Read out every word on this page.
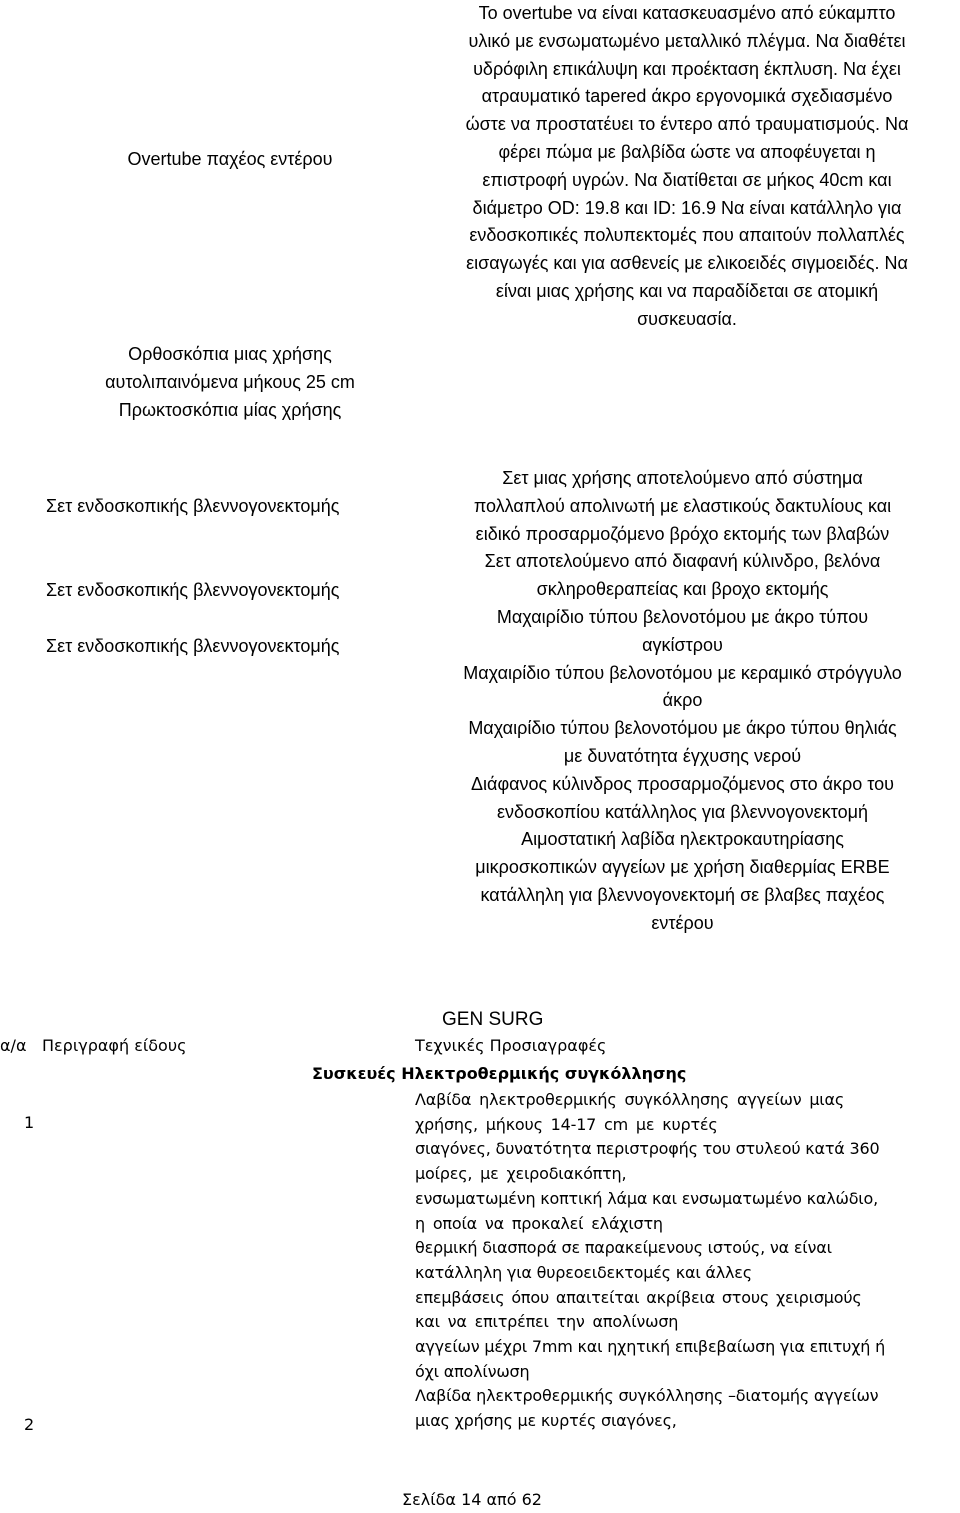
Overtube παχέος εντέρου
Το overtube να είναι κατασκευασμένο από εύκαμπτο
υλικό με ενσωματωμένο μεταλλικό πλέγμα. Να διαθέτει
υδρόφιλη επικάλυψη και προέκταση έκπλυση. Να έχει
ατραυματικό tapered άκρο εργονομικά σχεδιασμένο
ώστε να προστατέυει το έντερο από τραυματισμούς. Να
φέρει πώμα με βαλβίδα ώστε να αποφέυγεται η
επιστροφή υγρών. Να διατίθεται σε μήκος 40cm και
διάμετρο OD: 19.8 και ID: 16.9 Να είναι κατάλληλο για
ενδοσκοπικές πολυπεκτομές που απαιτούν πολλαπλές
εισαγωγές και για ασθενείς με ελικοειδές σιγμοειδές. Να
είναι μιας χρήσης και να παραδίδεται σε ατομική
συσκευασία.
Ορθοσκόπια μιας χρήσης
αυτολιπαινόμενα μήκους 25 cm
Πρωκτοσκόπια μίας χρήσης
Σετ ενδοσκοπικής βλεννογονεκτομής
Σετ ενδοσκοπικής βλεννογονεκτομής
Σετ ενδοσκοπικής βλεννογονεκτομής
Σετ μιας χρήσης αποτελούμενο από σύστημα
πολλαπλού απολινωτή με ελαστικούς δακτυλίους και
ειδικό προσαρμοζόμενο βρόχο εκτομής των βλαβών
Σετ αποτελούμενο από διαφανή κύλινδρο, βελόνα
σκληροθεραπείας και βροχο εκτομής
Μαχαιρίδιο τύπου βελονοτόμου με άκρο τύπου
αγκίστρου
Μαχαιρίδιο τύπου βελονοτόμου με κεραμικό στρόγγυλο
άκρο
Μαχαιρίδιο τύπου βελονοτόμου με άκρο τύπου θηλιάς
με δυνατότητα έγχυσης νερού
Διάφανος κύλινδρος προσαρμοζόμενος στο άκρο του
ενδοσκοπίου κατάλληλος για βλεννογονεκτομή
Αιμοστατική λαβίδα ηλεκτροκαυτηρίασης
μικροσκοπικών αγγείων με χρήση διαθερμίας ERBE
κατάλληλη για βλεννογονεκτομή σε βλαβες παχέος
εντέρου
GEN SURG
α/α Περιγραφή είδους	Τεχνικές Προσιαγραφές
Συσκευές Ηλεκτροθερμικής συγκόλλησης
1
2
Λαβίδα ηλεκτροθερμικής συγκόλλησης αγγείων μιας
χρήσης, μήκους 14-17 cm με κυρτές
σιαγόνες, δυνατότητα περιστροφής του στυλεού κατά 360
μοίρες, με χειροδιακόπτη,
ενσωματωμένη κοπτική λάμα και ενσωματωμένο καλώδιο,
η οποία να προκαλεί ελάχιστη
θερμική διασπορά σε παρακείμενους ιστούς, να είναι
κατάλληλη για θυρεοειδεκτομές και άλλες
επεμβάσεις όπου απαιτείται ακρίβεια στους χειρισμούς
και να επιτρέπει την απολίνωση
αγγείων μέχρι 7mm και ηχητική επιβεβαίωση για επιτυχή ή
όχι απολίνωση
Λαβίδα ηλεκτροθερμικής συγκόλλησης –διατομής αγγείων
μιας χρήσης με κυρτές σιαγόνες,
Σελίδα 14 από 62
